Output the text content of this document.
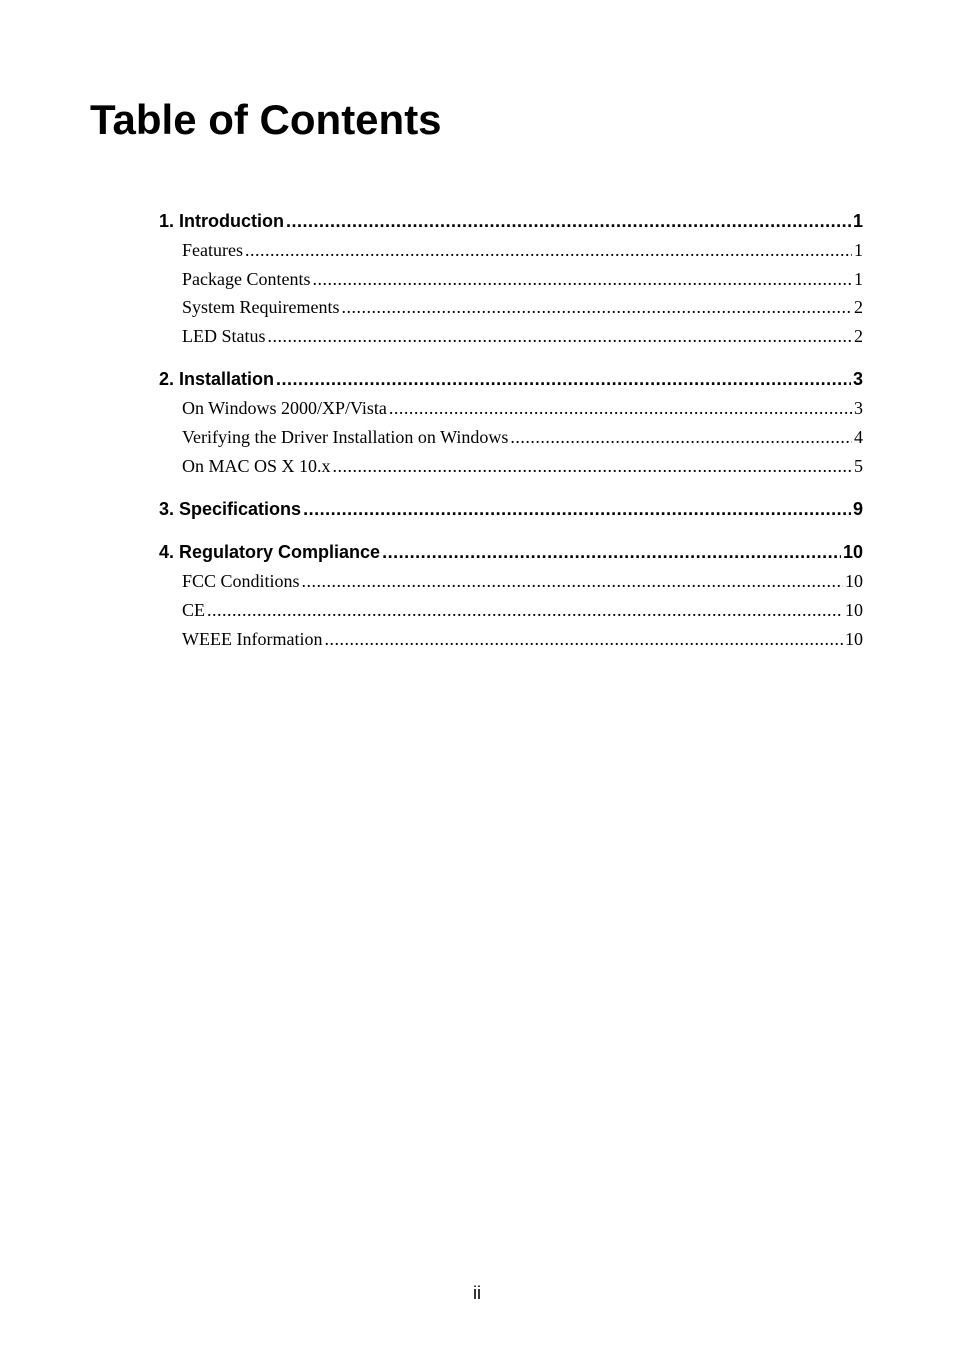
Table of Contents
1. Introduction .....	1
Features .....	1
Package Contents .....	1
System Requirements .....	2
LED Status .....	2
2. Installation .....	3
On Windows 2000/XP/Vista .....	3
Verifying the Driver Installation on Windows .....	4
On MAC OS X 10.x .....	5
3. Specifications .....	9
4. Regulatory Compliance .....	10
FCC Conditions .....	10
CE .....	10
WEEE Information .....	10
ii
